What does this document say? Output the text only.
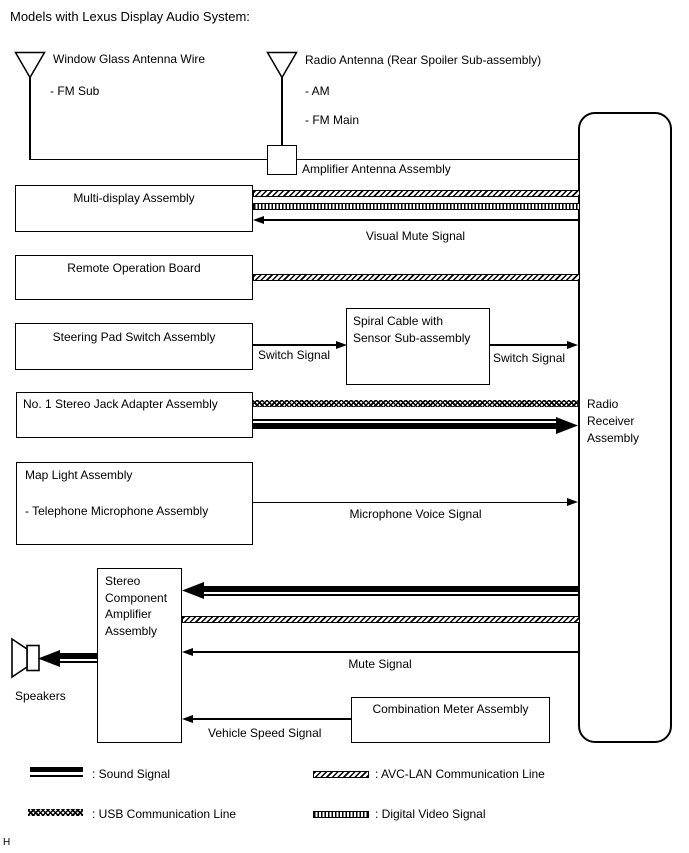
Models with Lexus Display Audio System:
Window Glass Antenna Wire
- FM Sub
Radio Antenna (Rear Spoiler Sub-assembly)
- AM
- FM Main
Amplifier Antenna Assembly
Radio Receiver Assembly
Multi-display Assembly
Visual Mute Signal
Remote Operation Board
Steering Pad Switch Assembly
Switch Signal
Spiral Cable with Sensor Sub-assembly
Switch Signal
No. 1 Stereo Jack Adapter Assembly
Map Light Assembly
- Telephone Microphone Assembly	Microphone Voice Signal
Stereo Component Amplifier Assembly
Mute Signal
Speakers
Combination Meter Assembly
Vehicle Speed Signal
: Sound Signal
: USB Communication Line
: AVC-LAN Communication Line
: Digital Video Signal
H
